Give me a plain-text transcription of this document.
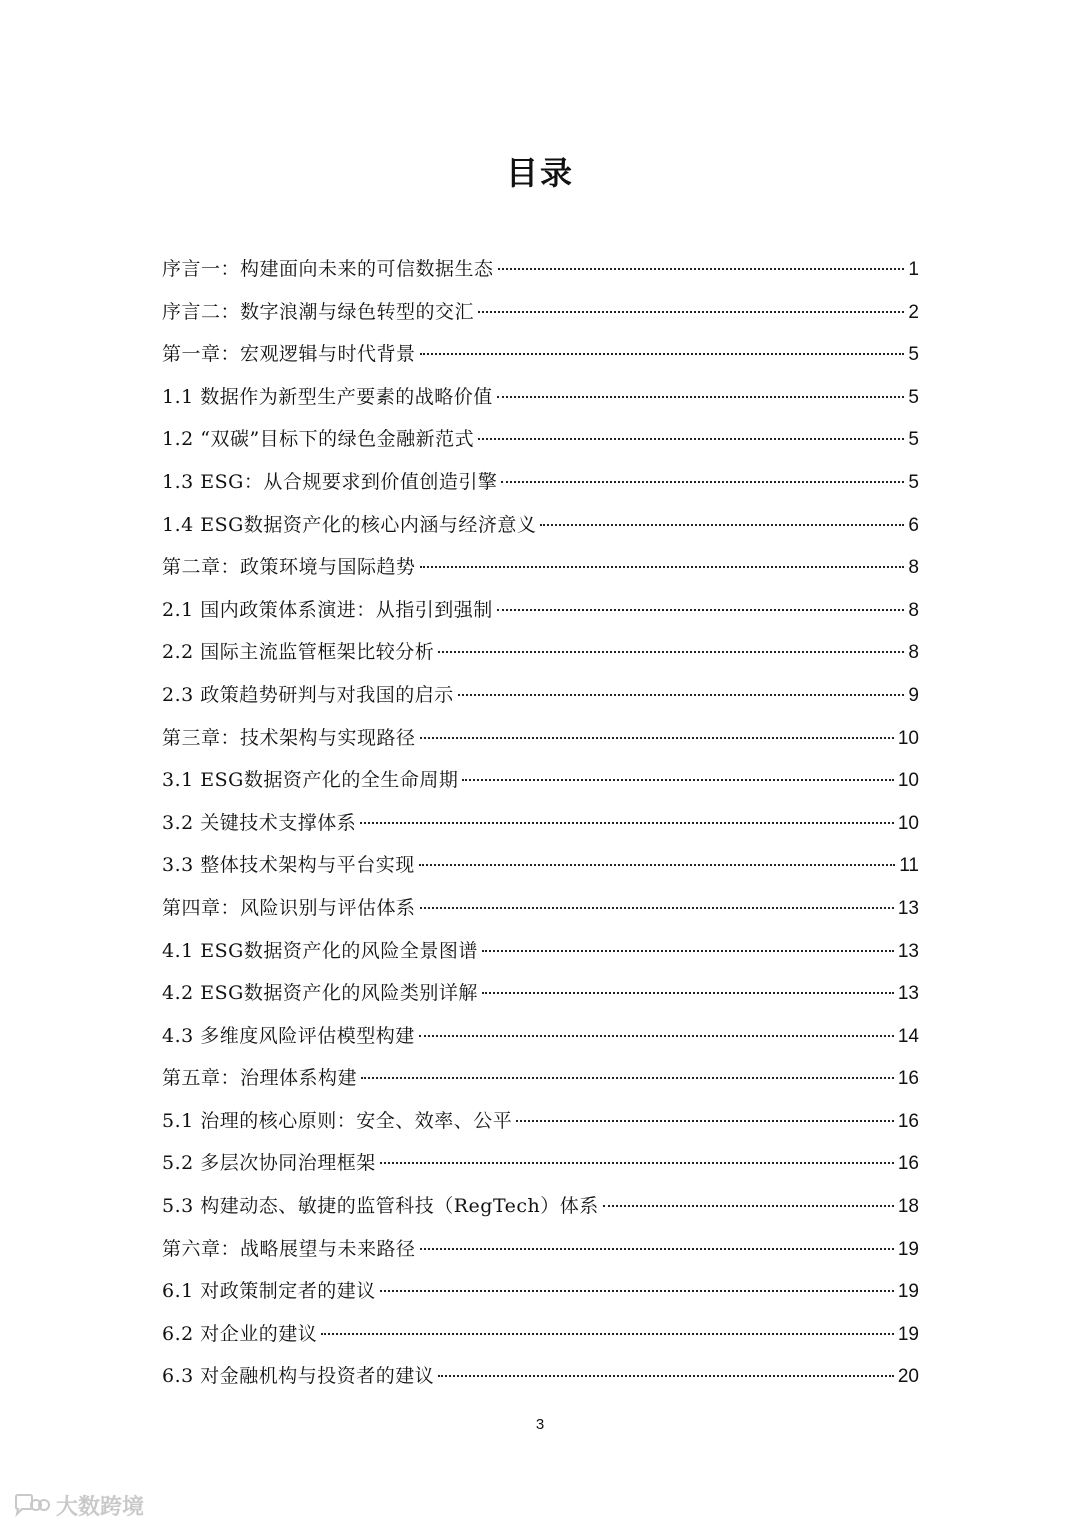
目录
序言一：构建面向未来的可信数据生态	1
序言二：数字浪潮与绿色转型的交汇	2
第一章：宏观逻辑与时代背景	5
1.1 数据作为新型生产要素的战略价值	5
1.2 “双碳”目标下的绿色金融新范式	5
1.3 ESG：从合规要求到价值创造引擎	5
1.4 ESG数据资产化的核心内涵与经济意义	6
第二章：政策环境与国际趋势	8
2.1 国内政策体系演进：从指引到强制	8
2.2 国际主流监管框架比较分析	8
2.3 政策趋势研判与对我国的启示	9
第三章：技术架构与实现路径	10
3.1 ESG数据资产化的全生命周期	10
3.2 关键技术支撑体系	10
3.3 整体技术架构与平台实现	11
第四章：风险识别与评估体系	13
4.1 ESG数据资产化的风险全景图谱	13
4.2 ESG数据资产化的风险类别详解	13
4.3 多维度风险评估模型构建	14
第五章：治理体系构建	16
5.1 治理的核心原则：安全、效率、公平	16
5.2 多层次协同治理框架	16
5.3 构建动态、敏捷的监管科技（RegTech）体系	18
第六章：战略展望与未来路径	19
6.1 对政策制定者的建议	19
6.2 对企业的建议	19
6.3 对金融机构与投资者的建议	20
3
大数跨境
